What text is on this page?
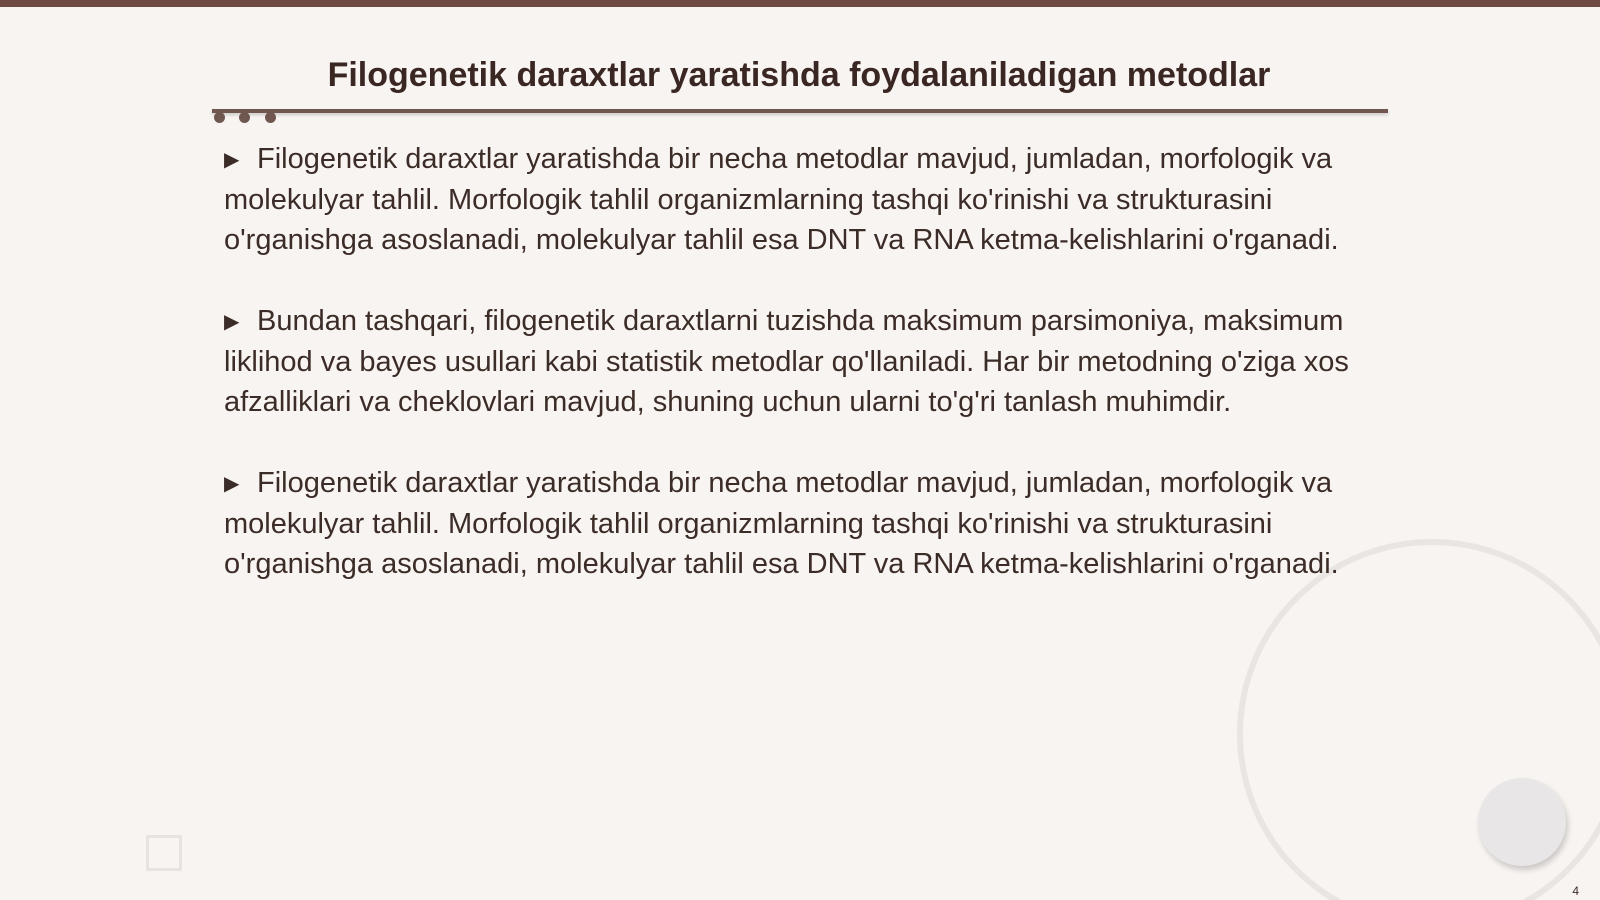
Filogenetik daraxtlar yaratishda foydalaniladigan metodlar

▶ Filogenetik daraxtlar yaratishda bir necha metodlar mavjud, jumladan, morfologik va molekulyar tahlil. Morfologik tahlil organizmlarning tashqi ko'rinishi va strukturasini o'rganishga asoslanadi, molekulyar tahlil esa DNT va RNA ketma-kelishlarini o'rganadi.

▶ Bundan tashqari, filogenetik daraxtlarni tuzishda maksimum parsimoniya, maksimum liklihod va bayes usullari kabi statistik metodlar qo'llaniladi. Har bir metodning o'ziga xos afzalliklari va cheklovlari mavjud, shuning uchun ularni to'g'ri tanlash muhimdir.

▶ Filogenetik daraxtlar yaratishda bir necha metodlar mavjud, jumladan, morfologik va molekulyar tahlil. Morfologik tahlil organizmlarning tashqi ko'rinishi va strukturasini o'rganishga asoslanadi, molekulyar tahlil esa DNT va RNA ketma-kelishlarini o'rganadi.

4
